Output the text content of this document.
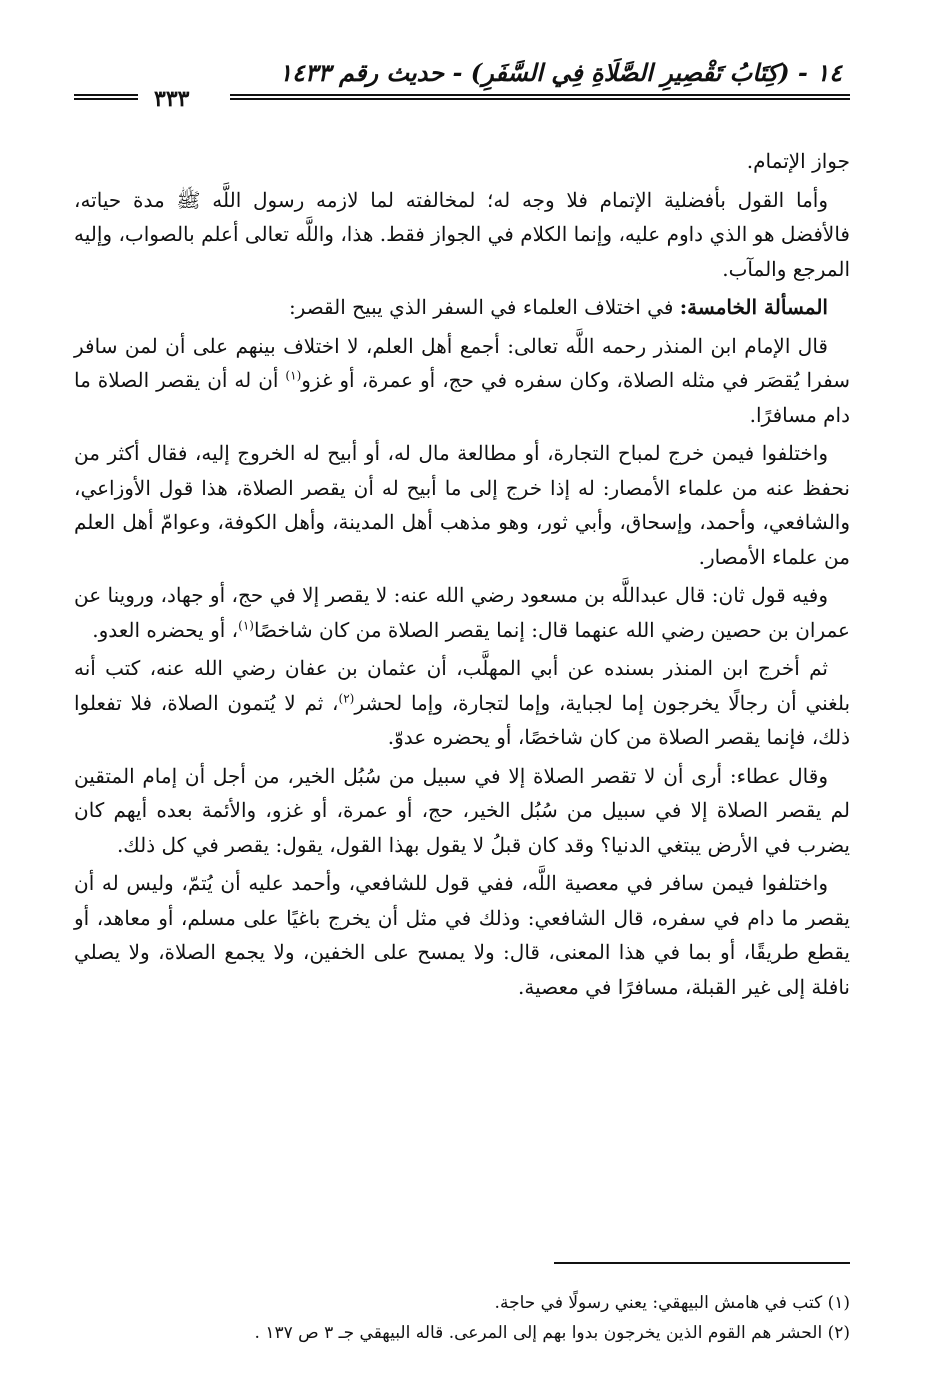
١٤ - (كِتَابُ تَقْصِيرِ الصَّلَاةِ فِي السَّفَرِ) - حديث رقم ١٤٣٣
٣٣٣

جواز الإتمام.

وأما القول بأفضلية الإتمام فلا وجه له؛ لمخالفته لما لازمه رسول اللَّه ﷺ مدة حياته، فالأفضل هو الذي داوم عليه، وإنما الكلام في الجواز فقط. هذا، واللَّه تعالى أعلم بالصواب، وإليه المرجع والمآب.

المسألة الخامسة: في اختلاف العلماء في السفر الذي يبيح القصر:

قال الإمام ابن المنذر رحمه اللَّه تعالى: أجمع أهل العلم، لا اختلاف بينهم على أن لمن سافر سفرا يُقصَر في مثله الصلاة، وكان سفره في حج، أو عمرة، أو غزو$^{(١)}$ أن له أن يقصر الصلاة ما دام مسافرًا.

واختلفوا فيمن خرج لمباح التجارة، أو مطالعة مال له، أو أبيح له الخروج إليه، فقال أكثر من نحفظ عنه من علماء الأمصار: له إذا خرج إلى ما أبيح له أن يقصر الصلاة، هذا قول الأوزاعي، والشافعي، وأحمد، وإسحاق، وأبي ثور، وهو مذهب أهل المدينة، وأهل الكوفة، وعوامّ أهل العلم من علماء الأمصار.

وفيه قول ثان: قال عبداللَّه بن مسعود رضي الله عنه: لا يقصر إلا في حج، أو جهاد، وروينا عن عمران بن حصين رضي الله عنهما قال: إنما يقصر الصلاة من كان شاخصًا$^{(١)}$، أو يحضره العدو.

ثم أخرج ابن المنذر بسنده عن أبي المهلَّب، أن عثمان بن عفان رضي الله عنه، كتب أنه بلغني أن رجالًا يخرجون إما لجباية، وإما لتجارة، وإما لحشر$^{(٢)}$، ثم لا يُتمون الصلاة، فلا تفعلوا ذلك، فإنما يقصر الصلاة من كان شاخصًا، أو يحضره عدوّ.

وقال عطاء: أرى أن لا تقصر الصلاة إلا في سبيل من سُبُل الخير، من أجل أن إمام المتقين لم يقصر الصلاة إلا في سبيل من سُبُل الخير، حج، أو عمرة، أو غزو، والأئمة بعده أيهم كان يضرب في الأرض يبتغي الدنيا؟ وقد كان قبلُ لا يقول بهذا القول، يقول: يقصر في كل ذلك.

واختلفوا فيمن سافر في معصية اللَّه، ففي قول للشافعي، وأحمد عليه أن يُتمّ، وليس له أن يقصر ما دام في سفره، قال الشافعي: وذلك في مثل أن يخرج باغيًا على مسلم، أو معاهد، أو يقطع طريقًا، أو بما في هذا المعنى، قال: ولا يمسح على الخفين، ولا يجمع الصلاة، ولا يصلي نافلة إلى غير القبلة، مسافرًا في معصية.

(١) كتب في هامش البيهقي: يعني رسولًا في حاجة.

(٢) الحشر هم القوم الذين يخرجون بدوا بهم إلى المرعى. قاله البيهقي جـ ٣ ص ١٣٧ .
